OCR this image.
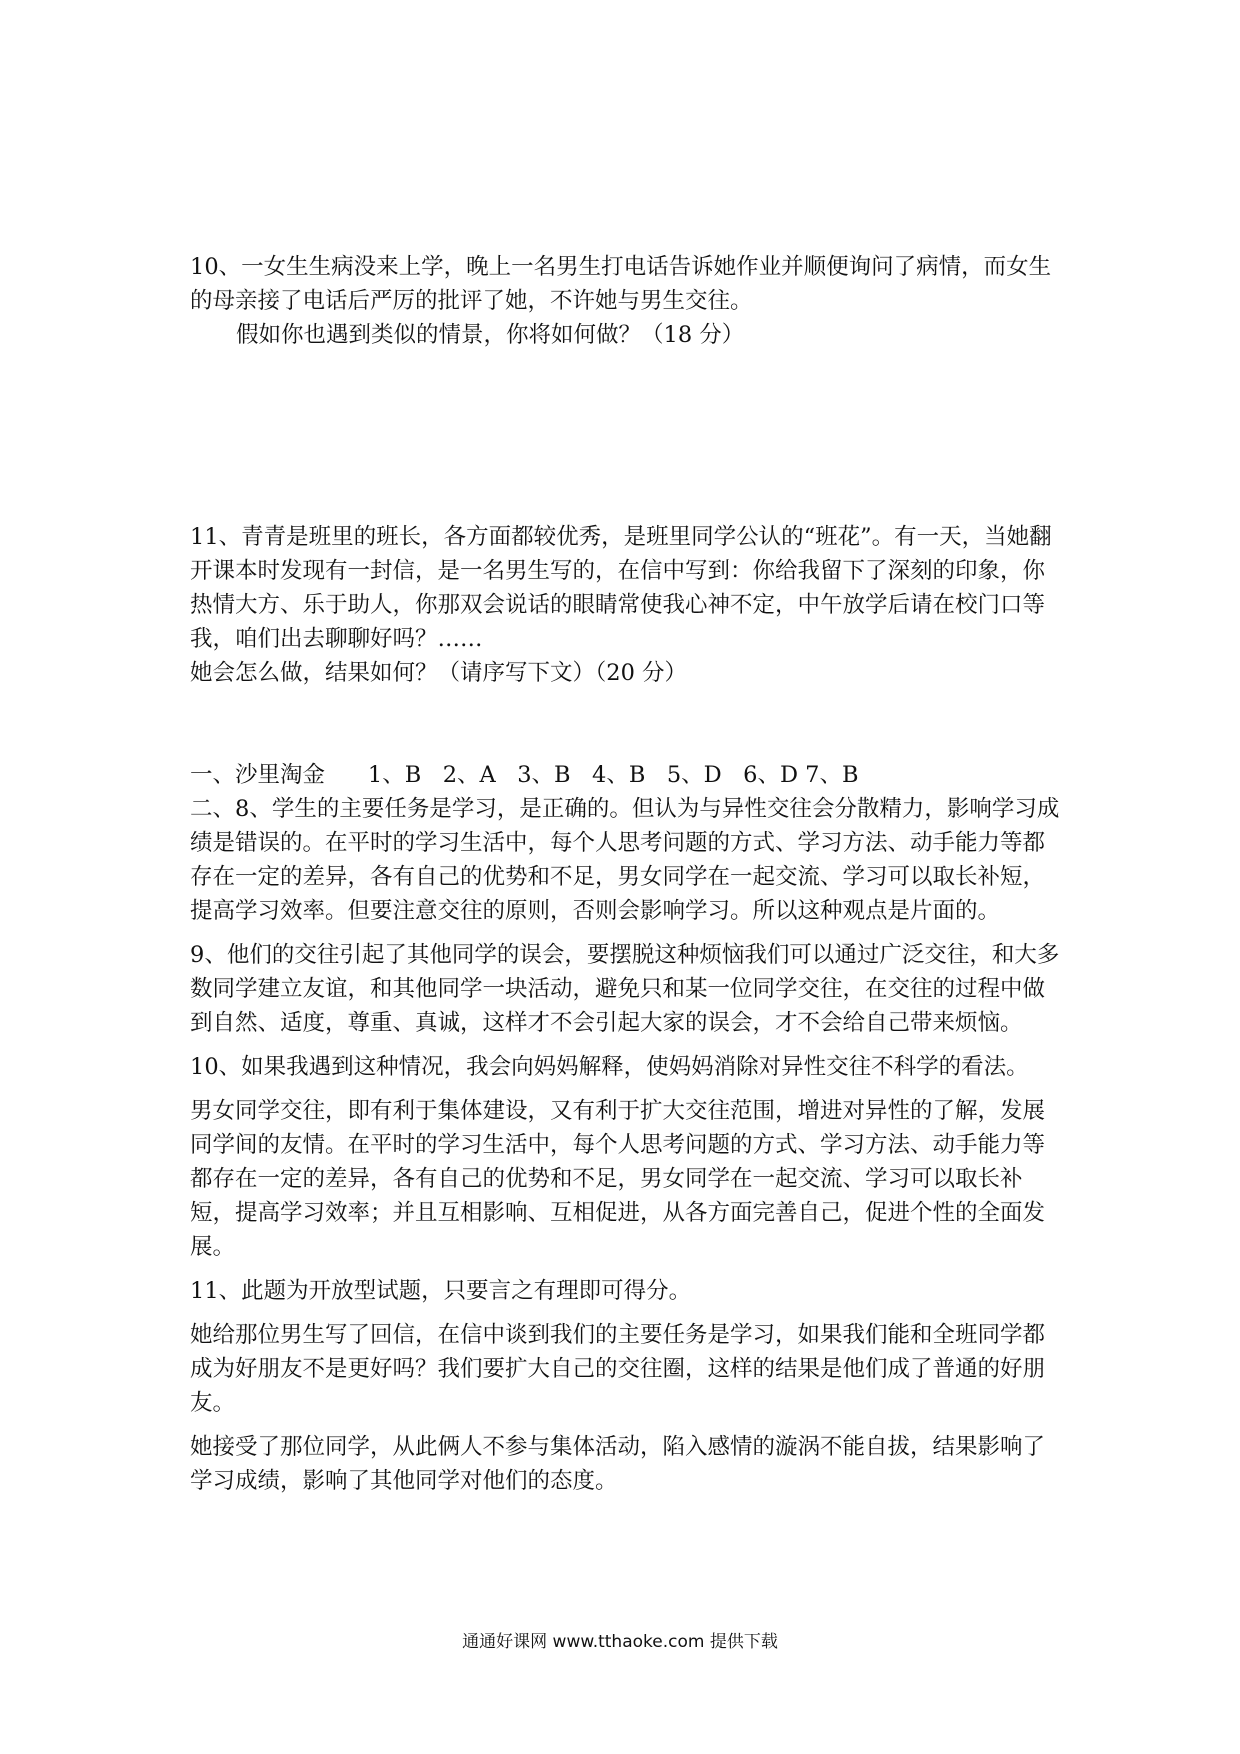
10、一女生生病没来上学，晚上一名男生打电话告诉她作业并顺便询问了病情，而女生的母亲接了电话后严厉的批评了她，不许她与男生交往。

假如你也遇到类似的情景，你将如何做？（18 分）

11、青青是班里的班长，各方面都较优秀，是班里同学公认的“班花”。有一天，当她翻开课本时发现有一封信，是一名男生写的，在信中写到：你给我留下了深刻的印象，你热情大方、乐于助人，你那双会说话的眼睛常使我心神不定，中午放学后请在校门口等我，咱们出去聊聊好吗？……

她会怎么做，结果如何？（请序写下文）（20 分）

一、沙里淘金      1、B   2、A   3、B   4、B   5、D   6、D 7、B

二、8、学生的主要任务是学习，是正确的。但认为与异性交往会分散精力，影响学习成绩是错误的。在平时的学习生活中，每个人思考问题的方式、学习方法、动手能力等都存在一定的差异，各有自己的优势和不足，男女同学在一起交流、学习可以取长补短，提高学习效率。但要注意交往的原则，否则会影响学习。所以这种观点是片面的。

9、他们的交往引起了其他同学的误会，要摆脱这种烦恼我们可以通过广泛交往，和大多数同学建立友谊，和其他同学一块活动，避免只和某一位同学交往，在交往的过程中做到自然、适度，尊重、真诚，这样才不会引起大家的误会，才不会给自己带来烦恼。

10、如果我遇到这种情况，我会向妈妈解释，使妈妈消除对异性交往不科学的看法。

男女同学交往，即有利于集体建设，又有利于扩大交往范围，增进对异性的了解，发展同学间的友情。在平时的学习生活中，每个人思考问题的方式、学习方法、动手能力等都存在一定的差异，各有自己的优势和不足，男女同学在一起交流、学习可以取长补短，提高学习效率；并且互相影响、互相促进，从各方面完善自己，促进个性的全面发展。

11、此题为开放型试题，只要言之有理即可得分。

她给那位男生写了回信，在信中谈到我们的主要任务是学习，如果我们能和全班同学都成为好朋友不是更好吗？我们要扩大自己的交往圈，这样的结果是他们成了普通的好朋友。

她接受了那位同学，从此俩人不参与集体活动，陷入感情的漩涡不能自拔，结果影响了学习成绩，影响了其他同学对他们的态度。

通通好课网 www.tthaoke.com 提供下载
